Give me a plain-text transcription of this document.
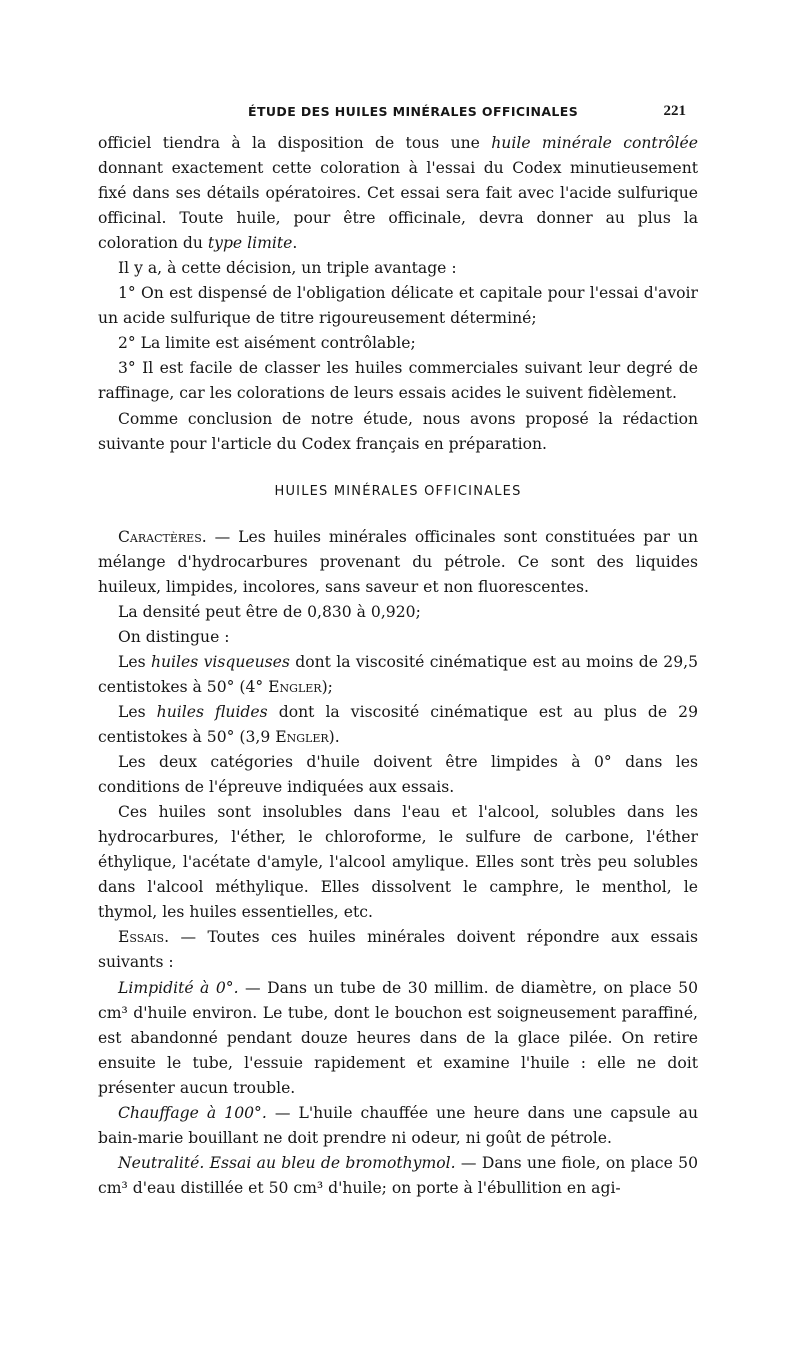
ÉTUDE DES HUILES MINÉRALES OFFICINALES	221

officiel tiendra à la disposition de tous une huile minérale contrôlée donnant exactement cette coloration à l'essai du Codex minutieusement fixé dans ses détails opératoires. Cet essai sera fait avec l'acide sulfurique officinal. Toute huile, pour être officinale, devra donner au plus la coloration du type limite.

Il y a, à cette décision, un triple avantage :

1° On est dispensé de l'obligation délicate et capitale pour l'essai d'avoir un acide sulfurique de titre rigoureusement déterminé;

2° La limite est aisément contrôlable;

3° Il est facile de classer les huiles commerciales suivant leur degré de raffinage, car les colorations de leurs essais acides le suivent fidèlement.

Comme conclusion de notre étude, nous avons proposé la rédaction suivante pour l'article du Codex français en préparation.

HUILES MINÉRALES OFFICINALES

Caractères. — Les huiles minérales officinales sont constituées par un mélange d'hydrocarbures provenant du pétrole. Ce sont des liquides huileux, limpides, incolores, sans saveur et non fluorescentes.

La densité peut être de 0,830 à 0,920;

On distingue :

Les huiles visqueuses dont la viscosité cinématique est au moins de 29,5 centistokes à 50° (4° Engler);

Les huiles fluides dont la viscosité cinématique est au plus de 29 centistokes à 50° (3,9 Engler).

Les deux catégories d'huile doivent être limpides à 0° dans les conditions de l'épreuve indiquées aux essais.

Ces huiles sont insolubles dans l'eau et l'alcool, solubles dans les hydrocarbures, l'éther, le chloroforme, le sulfure de carbone, l'éther éthylique, l'acétate d'amyle, l'alcool amylique. Elles sont très peu solubles dans l'alcool méthylique. Elles dissolvent le camphre, le menthol, le thymol, les huiles essentielles, etc.

Essais. — Toutes ces huiles minérales doivent répondre aux essais suivants :

Limpidité à 0°. — Dans un tube de 30 millim. de diamètre, on place 50 cm³ d'huile environ. Le tube, dont le bouchon est soigneusement paraffiné, est abandonné pendant douze heures dans de la glace pilée. On retire ensuite le tube, l'essuie rapidement et examine l'huile : elle ne doit présenter aucun trouble.

Chauffage à 100°. — L'huile chauffée une heure dans une capsule au bain-marie bouillant ne doit prendre ni odeur, ni goût de pétrole.

Neutralité. Essai au bleu de bromothymol. — Dans une fiole, on place 50 cm³ d'eau distillée et 50 cm³ d'huile; on porte à l'ébullition en agi-
